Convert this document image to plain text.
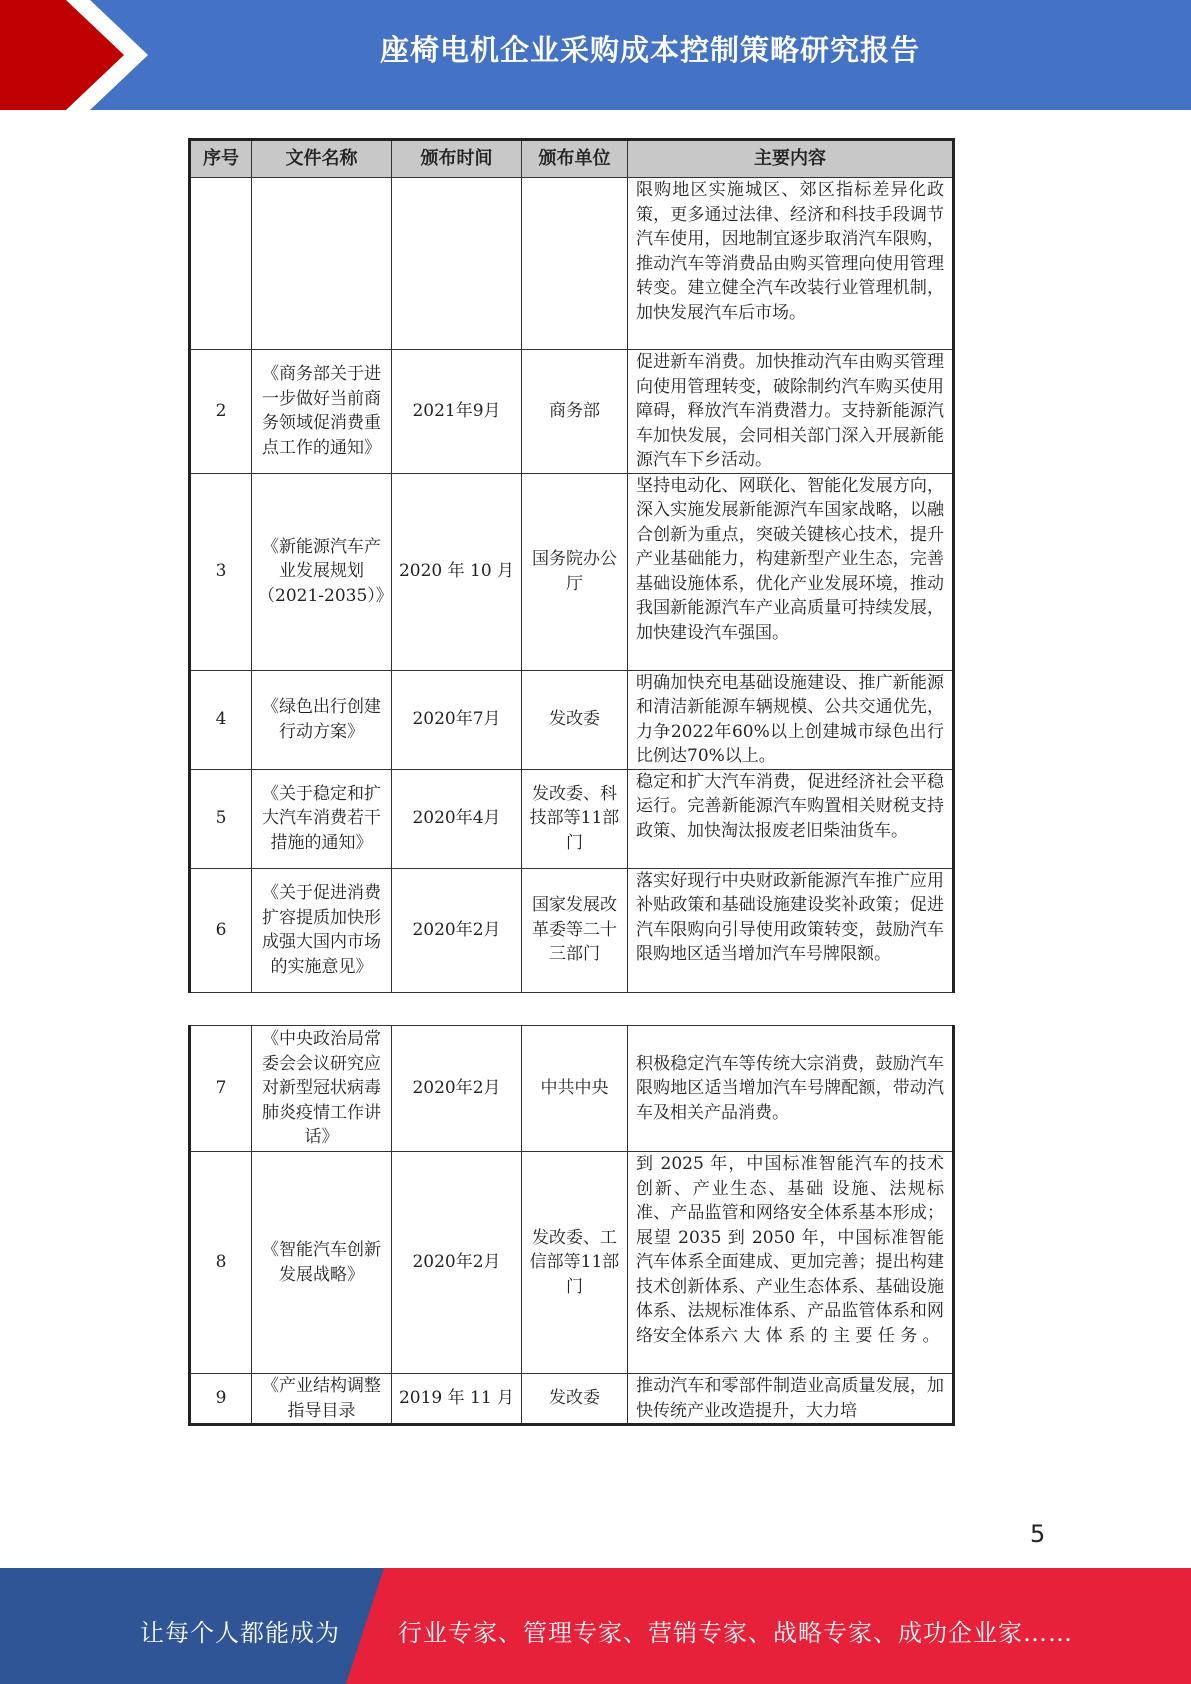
座椅电机企业采购成本控制策略研究报告
序号	文件名称	颁布时间	颁布单位	主要内容
				限购地区实施城区、郊区指标差异化政策，更多通过法律、经济和科技手段调节汽车使用，因地制宜逐步取消汽车限购，推动汽车等消费品由购买管理向使用管理转变。建立健全汽车改装行业管理机制，加快发展汽车后市场。
2	《商务部关于进一步做好当前商务领域促消费重点工作的通知》	2021年9月	商务部	促进新车消费。加快推动汽车由购买管理向使用管理转变，破除制约汽车购买使用障碍，释放汽车消费潜力。支持新能源汽车加快发展，会同相关部门深入开展新能源汽车下乡活动。
3	《新能源汽车产业发展规划（2021-2035）》	2020 年 10 月	国务院办公厅	坚持电动化、网联化、智能化发展方向，深入实施发展新能源汽车国家战略，以融合创新为重点，突破关键核心技术，提升产业基础能力，构建新型产业生态，完善基础设施体系，优化产业发展环境，推动我国新能源汽车产业高质量可持续发展，加快建设汽车强国。
4	《绿色出行创建行动方案》	2020年7月	发改委	明确加快充电基础设施建设、推广新能源和清洁新能源车辆规模、公共交通优先，力争2022年60%以上创建城市绿色出行比例达70%以上。
5	《关于稳定和扩大汽车消费若干措施的通知》	2020年4月	发改委、科技部等11部门	稳定和扩大汽车消费，促进经济社会平稳运行。完善新能源汽车购置相关财税支持政策、加快淘汰报废老旧柴油货车。
6	《关于促进消费扩容提质加快形成强大国内市场的实施意见》	2020年2月	国家发展改革委等二十三部门	落实好现行中央财政新能源汽车推广应用补贴政策和基础设施建设奖补政策；促进汽车限购向引导使用政策转变，鼓励汽车限购地区适当增加汽车号牌限额。
7	《中央政治局常委会会议研究应对新型冠状病毒肺炎疫情工作讲话》	2020年2月	中共中央	积极稳定汽车等传统大宗消费，鼓励汽车限购地区适当增加汽车号牌配额，带动汽车及相关产品消费。
8	《智能汽车创新发展战略》	2020年2月	发改委、工信部等11部门	到 2025 年，中国标准智能汽车的技术创新、产业生态、基础 设施、法规标准、产品监管和网络安全体系基本形成；展望 2035 到 2050 年，中国标准智能汽车体系全面建成、更加完善；提出构建技术创新体系、产业生态体系、基础设施体系、法规标准体系、产品监管体系和网络安全体系六 大 体 系 的 主 要 任 务 。
9	《产业结构调整指导目录	2019 年 11 月	发改委	推动汽车和零部件制造业高质量发展，加快传统产业改造提升，大力培
5
让每个人都能成为 行业专家、管理专家、营销专家、战略专家、成功企业家……
